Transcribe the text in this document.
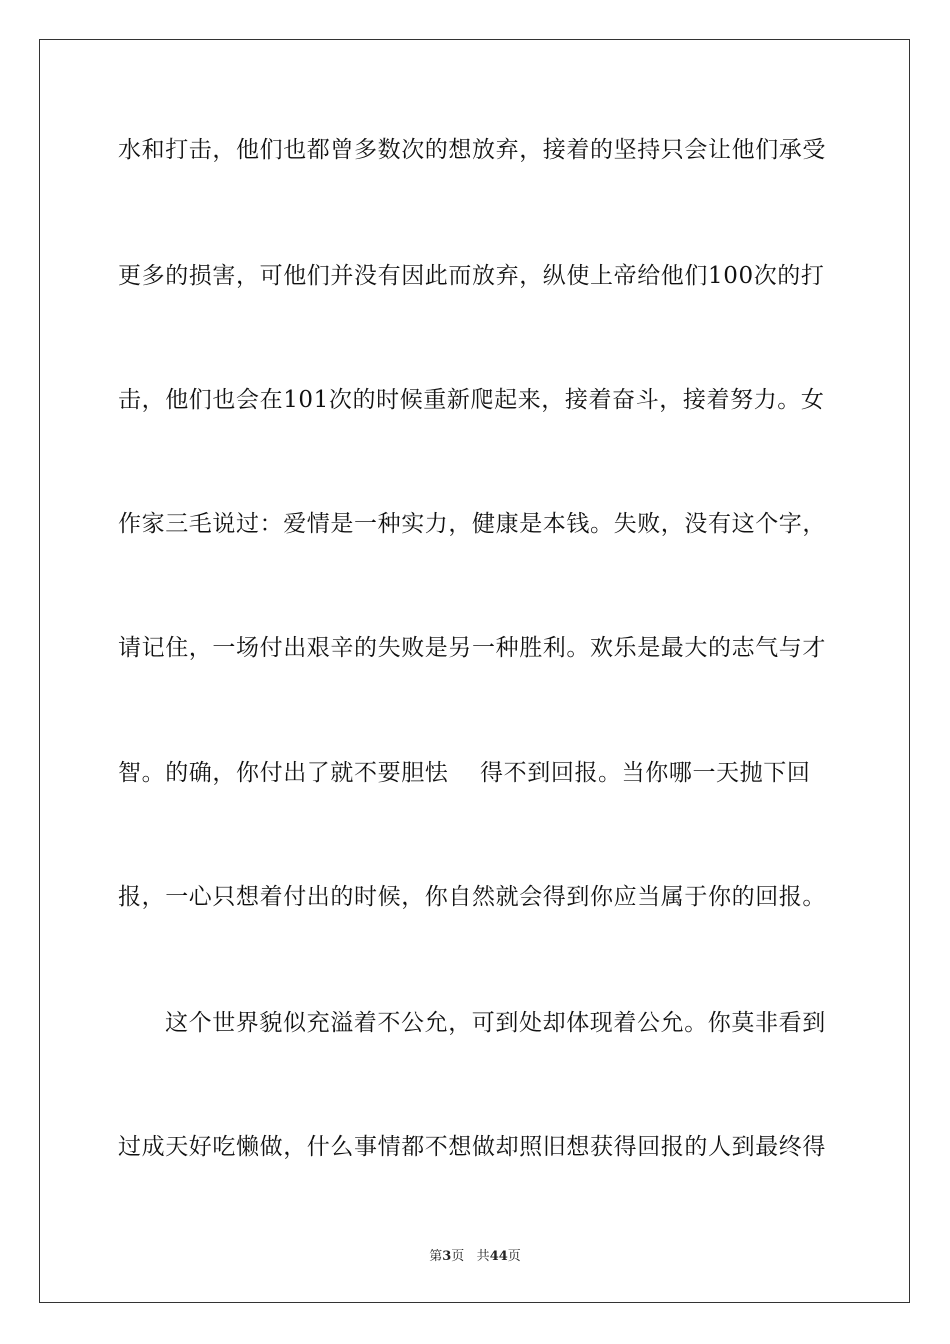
水和打击，他们也都曾多数次的想放弃，接着的坚持只会让他们承受
更多的损害，可他们并没有因此而放弃，纵使上帝给他们100次的打
击，他们也会在101次的时候重新爬起来，接着奋斗，接着努力。女
作家三毛说过：爱情是一种实力，健康是本钱。失败，没有这个字，
请记住，一场付出艰辛的失败是另一种胜利。欢乐是最大的志气与才
智。的确，你付出了就不要胆怯    得不到回报。当你哪一天抛下回
报，一心只想着付出的时候，你自然就会得到你应当属于你的回报。
这个世界貌似充溢着不公允，可到处却体现着公允。你莫非看到
过成天好吃懒做，什么事情都不想做却照旧想获得回报的人到最终得
第3页 共44页
